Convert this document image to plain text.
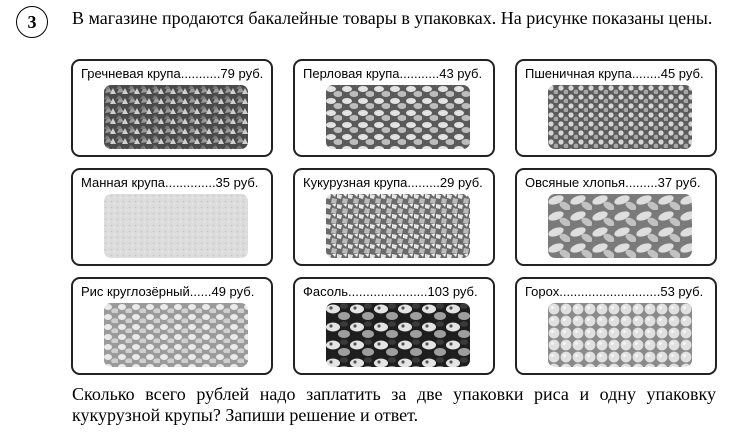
3 В магазине продаются бакалейные товары в упаковках. На рисунке показаны цены.
Гречневая крупа...........79 руб.	Перловая крупа...........43 руб.	Пшеничная крупа........45 руб.
Манная крупа..............35 руб.	Кукурузная крупа.........29 руб.	Овсяные хлопья.........37 руб.
Рис круглозёрный......49 руб.	Фасоль......................103 руб.	Горох............................53 руб.
Сколько всего рублей надо заплатить за две упаковки риса и одну упаковку кукурузной крупы? Запиши решение и ответ.
